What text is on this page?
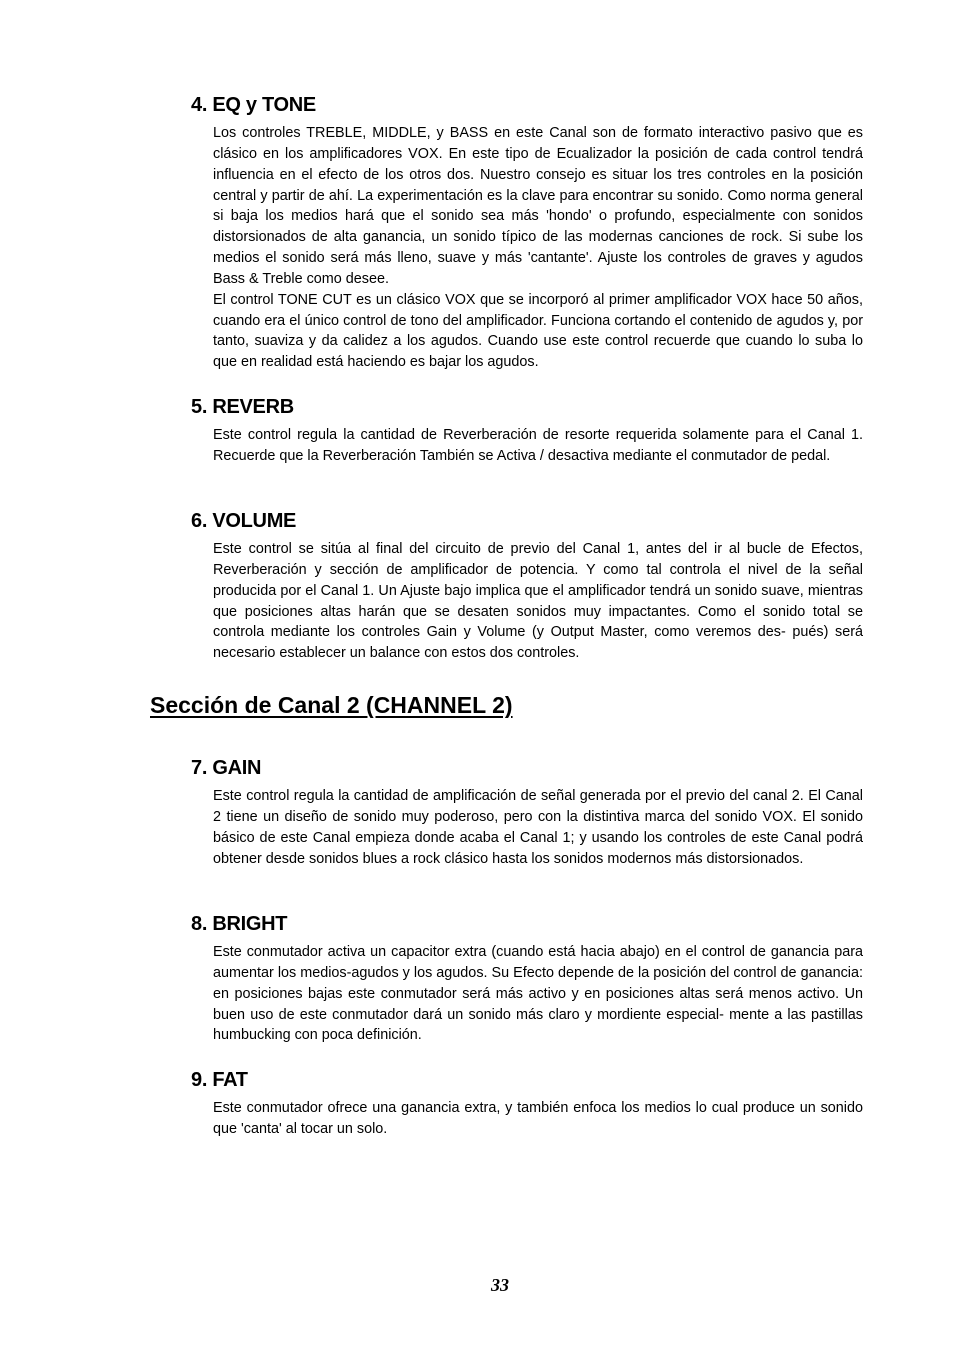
4. EQ y TONE

Los controles TREBLE, MIDDLE, y BASS en este Canal son de formato interactivo pasivo que es clásico en los amplificadores VOX. En este tipo de Ecualizador la posición de cada control tendrá influencia en el efecto de los otros dos. Nuestro consejo es situar los tres controles en la posición central y partir de ahí. La experimentación es la clave para encontrar su sonido. Como norma general si baja los medios hará que el sonido sea más 'hondo' o profundo, especialmente con sonidos distorsionados de alta ganancia, un sonido típico de las modernas canciones de rock. Si sube los medios el sonido será más lleno, suave y más 'cantante'. Ajuste los controles de graves y agudos Bass & Treble como desee.

El control TONE CUT es un clásico VOX que se incorporó al primer amplificador VOX hace 50 años, cuando era el único control de tono del amplificador. Funciona cortando el contenido de agudos y, por tanto, suaviza y da calidez a los agudos. Cuando use este control recuerde que cuando lo suba lo que en realidad está haciendo es bajar los agudos.

5. REVERB

Este control regula la cantidad de Reverberación de resorte requerida solamente para el Canal 1. Recuerde que la Reverberación También se Activa / desactiva mediante el conmutador de pedal.

6. VOLUME

Este control se sitúa al final del circuito de previo del Canal 1, antes del ir al bucle de Efectos, Reverberación y sección de amplificador de potencia. Y como tal controla el nivel de la señal producida por el Canal 1. Un Ajuste bajo implica que el amplificador tendrá un sonido suave, mientras que posiciones altas harán que se desaten sonidos muy impactantes. Como el sonido total se controla mediante los controles Gain y Volume (y Output Master, como veremos des- pués) será necesario establecer un balance con estos dos controles.

Sección de Canal 2 (CHANNEL 2)
7. GAIN

Este control regula la cantidad de amplificación de señal generada por el previo del canal 2. El Canal 2 tiene un diseño de sonido muy poderoso, pero con la distintiva marca del sonido VOX. El sonido básico de este Canal empieza donde acaba el Canal 1; y usando los controles de este Canal podrá obtener desde sonidos blues a rock clásico hasta los sonidos modernos más distorsionados.

8. BRIGHT

Este conmutador activa un capacitor extra (cuando está hacia abajo) en el control de ganancia para aumentar los medios-agudos y los agudos. Su Efecto depende de la posición del control de ganancia: en posiciones bajas este conmutador será más activo y en posiciones altas será menos activo. Un buen uso de este conmutador dará un sonido más claro y mordiente especial- mente a las pastillas humbucking con poca definición.

9. FAT

Este conmutador ofrece una ganancia extra, y también enfoca los medios lo cual produce un sonido que 'canta' al tocar un solo.

33
